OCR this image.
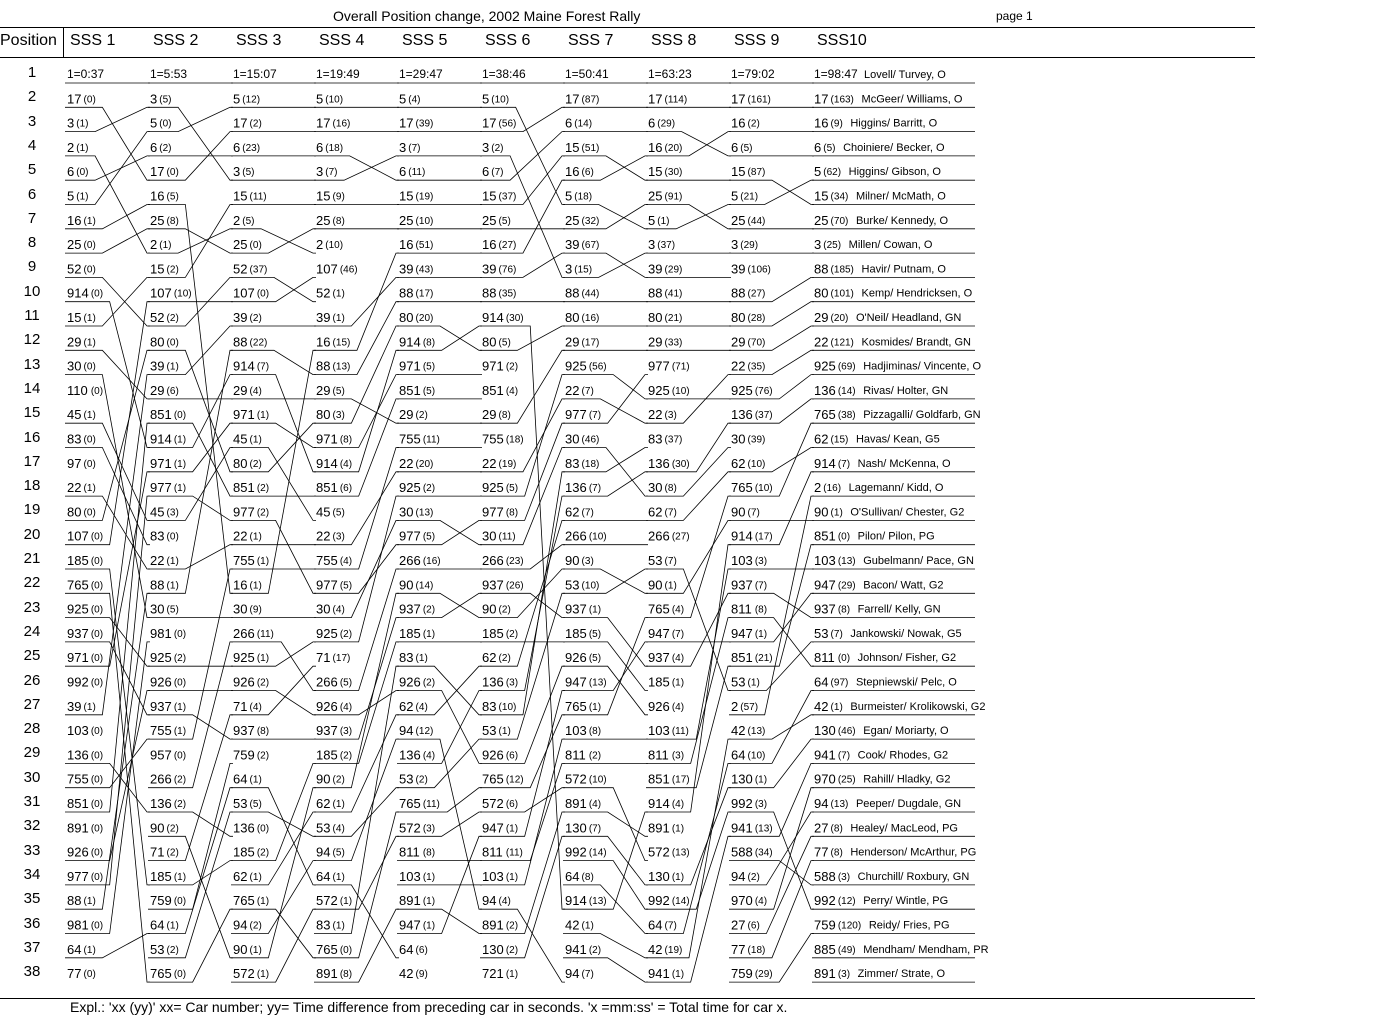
Overall Position change, 2002 Maine Forest Rally	page 1
Position SSS 1 SSS 2 SSS 3 SSS 4 SSS 5 SSS 6 SSS 7 SSS 8 SSS 9 SSS10
1
2
3
4
5
6
7
8
9
10
11
12
13
14
15
16
17
18
19
20
21
22
23
24
25
26
27
28
29
30
31
32
33
34
35
36
37
38
1=0:37
17 (0)
3 (1)
2 (1)
6 (0)
5 (1)
16 (1)
25 (0)
52 (0)
914 (0)
15 (1)
29 (1)
30 (0)
110 (0)
45 (1)
83 (0)
97 (0)
22 (1)
80 (0)
107 (0)
185 (0)
765 (0)
925 (0)
937 (0)
971 (0)
992 (0)
39 (1)
103 (0)
136 (0)
755 (0)
851 (0)
891 (0)
926 (0)
977 (0)
88 (1)
981 (0)
64 (1)
77 (0)
1=5:53
3 (5)
5 (0)
6 (2)
17 (0)
16 (5)
25 (8)
2 (1)
15 (2)
107 (10)
52 (2)
80 (0)
39 (1)
29 (6)
851 (0)
914 (1)
971 (1)
977 (1)
45 (3)
83 (0)
22 (1)
88 (1)
30 (5)
981 (0)
925 (2)
926 (0)
937 (1)
755 (1)
957 (0)
266 (2)
136 (2)
90 (2)
71 (2)
185 (1)
759 (0)
64 (1)
53 (2)
765 (0)
1=15:07
5 (12)
17 (2)
6 (23)
3 (5)
15 (11)
2 (5)
25 (0)
52 (37)
107 (0)
39 (2)
88 (22)
914 (7)
29 (4)
971 (1)
45 (1)
80 (2)
851 (2)
977 (2)
22 (1)
755 (1)
16 (1)
30 (9)
266 (11)
925 (1)
926 (2)
71 (4)
937 (8)
759 (2)
64 (1)
53 (5)
136 (0)
185 (2)
62 (1)
765 (1)
94 (2)
90 (1)
572 (1)
1=19:49
5 (10)
17 (16)
6 (18)
3 (7)
15 (9)
25 (8)
2 (10)
107 (46)
52 (1)
39 (1)
16 (15)
88 (13)
29 (5)
80 (3)
971 (8)
914 (4)
851 (6)
45 (5)
22 (3)
755 (4)
977 (5)
30 (4)
925 (2)
71 (17)
266 (5)
926 (4)
937 (3)
185 (2)
90 (2)
62 (1)
53 (4)
94 (5)
64 (1)
572 (1)
83 (1)
765 (0)
891 (8)
1=29:47
5 (4)
17 (39)
3 (7)
6 (11)
15 (19)
25 (10)
16 (51)
39 (43)
88 (17)
80 (20)
914 (8)
971 (5)
851 (5)
29 (2)
755 (11)
22 (20)
925 (2)
30 (13)
977 (5)
266 (16)
90 (14)
937 (2)
185 (1)
83 (1)
926 (2)
62 (4)
94 (12)
136 (4)
53 (2)
765 (11)
572 (3)
811 (8)
103 (1)
891 (1)
947 (1)
64 (6)
42 (9)
1=38:46
5 (10)
17 (56)
3 (2)
6 (7)
15 (37)
25 (5)
16 (27)
39 (76)
88 (35)
914 (30)
80 (5)
971 (2)
851 (4)
29 (8)
755 (18)
22 (19)
925 (5)
977 (8)
30 (11)
266 (23)
937 (26)
90 (2)
185 (2)
62 (2)
136 (3)
83 (10)
53 (1)
926 (6)
765 (12)
572 (6)
947 (1)
811 (11)
103 (1)
94 (4)
891 (2)
130 (2)
721 (1)
1=50:41
17 (87)
6 (14)
15 (51)
16 (6)
5 (18)
25 (32)
39 (67)
3 (15)
88 (44)
80 (16)
29 (17)
925 (56)
22 (7)
977 (7)
30 (46)
83 (18)
136 (7)
62 (7)
266 (10)
90 (3)
53 (10)
937 (1)
185 (5)
926 (5)
947 (13)
765 (1)
103 (8)
811 (2)
572 (10)
891 (4)
130 (7)
992 (14)
64 (8)
914 (13)
42 (1)
941 (2)
94 (7)
1=63:23
17 (114)
6 (29)
16 (20)
15 (30)
25 (91)
5 (1)
3 (37)
39 (29)
88 (41)
80 (21)
29 (33)
977 (71)
925 (10)
22 (3)
83 (37)
136 (30)
30 (8)
62 (7)
266 (27)
53 (7)
90 (1)
765 (4)
947 (7)
937 (4)
185 (1)
926 (4)
103 (11)
811 (3)
851 (17)
914 (4)
891 (1)
572 (13)
130 (1)
992 (14)
64 (7)
42 (19)
941 (1)
1=79:02
17 (161)
16 (2)
6 (5)
15 (87)
5 (21)
25 (44)
3 (29)
39 (106)
88 (27)
80 (28)
29 (70)
22 (35)
925 (76)
136 (37)
30 (39)
62 (10)
765 (10)
90 (7)
914 (17)
103 (3)
937 (7)
811 (8)
947 (1)
851 (21)
53 (1)
2 (57)
42 (13)
64 (10)
130 (1)
992 (3)
941 (13)
588 (34)
94 (2)
970 (4)
27 (6)
77 (18)
759 (29)
1=98:47
17 (163)
16 (9)
6 (5)
5 (62)
15 (34)
25 (70)
3 (25)
88 (185)
80 (101)
29 (20)
22 (121)
925 (69)
136 (14)
765 (38)
62 (15)
914 (7)
2 (16)
90 (1)
851 (0)
103 (13)
947 (29)
937 (8)
53 (7)
811 (0)
64 (97)
42 (1)
130 (46)
941 (7)
970 (25)
94 (13)
27 (8)
77 (8)
588 (3)
992 (12)
759 (120)
885 (49)
891 (3)
Lovell/ Turvey, O
McGeer/ Williams, O
Higgins/ Barritt, O
Choiniere/ Becker, O
Higgins/ Gibson, O
Milner/ McMath, O
Burke/ Kennedy, O
Millen/ Cowan, O
Havir/ Putnam, O
Kemp/ Hendricksen, O
O'Neil/ Headland, GN
Kosmides/ Brandt, GN
Hadjiminas/ Vincente, O
Rivas/ Holter, GN
Pizzagalli/ Goldfarb, GN
Havas/ Kean, G5
Nash/ McKenna, O
Lagemann/ Kidd, O
O'Sullivan/ Chester, G2
Pilon/ Pilon, PG
Gubelmann/ Pace, GN
Bacon/ Watt, G2
Farrell/ Kelly, GN
Jankowski/ Nowak, G5
Johnson/ Fisher, G2
Stepniewski/ Pelc, O
Burmeister/ Krolikowski, G2
Egan/ Moriarty, O
Cook/ Rhodes, G2
Rahill/ Hladky, G2
Peeper/ Dugdale, GN
Healey/ MacLeod, PG
Henderson/ McArthur, PG
Churchill/ Roxbury, GN
Perry/ Wintle, PG
Reidy/ Fries, PG
Mendham/ Mendham, PR
Zimmer/ Strate, O
Expl.: 'xx (yy)' xx= Car number; yy= Time difference from preceding car in seconds. 'x =mm:ss' = Total time for car x.
